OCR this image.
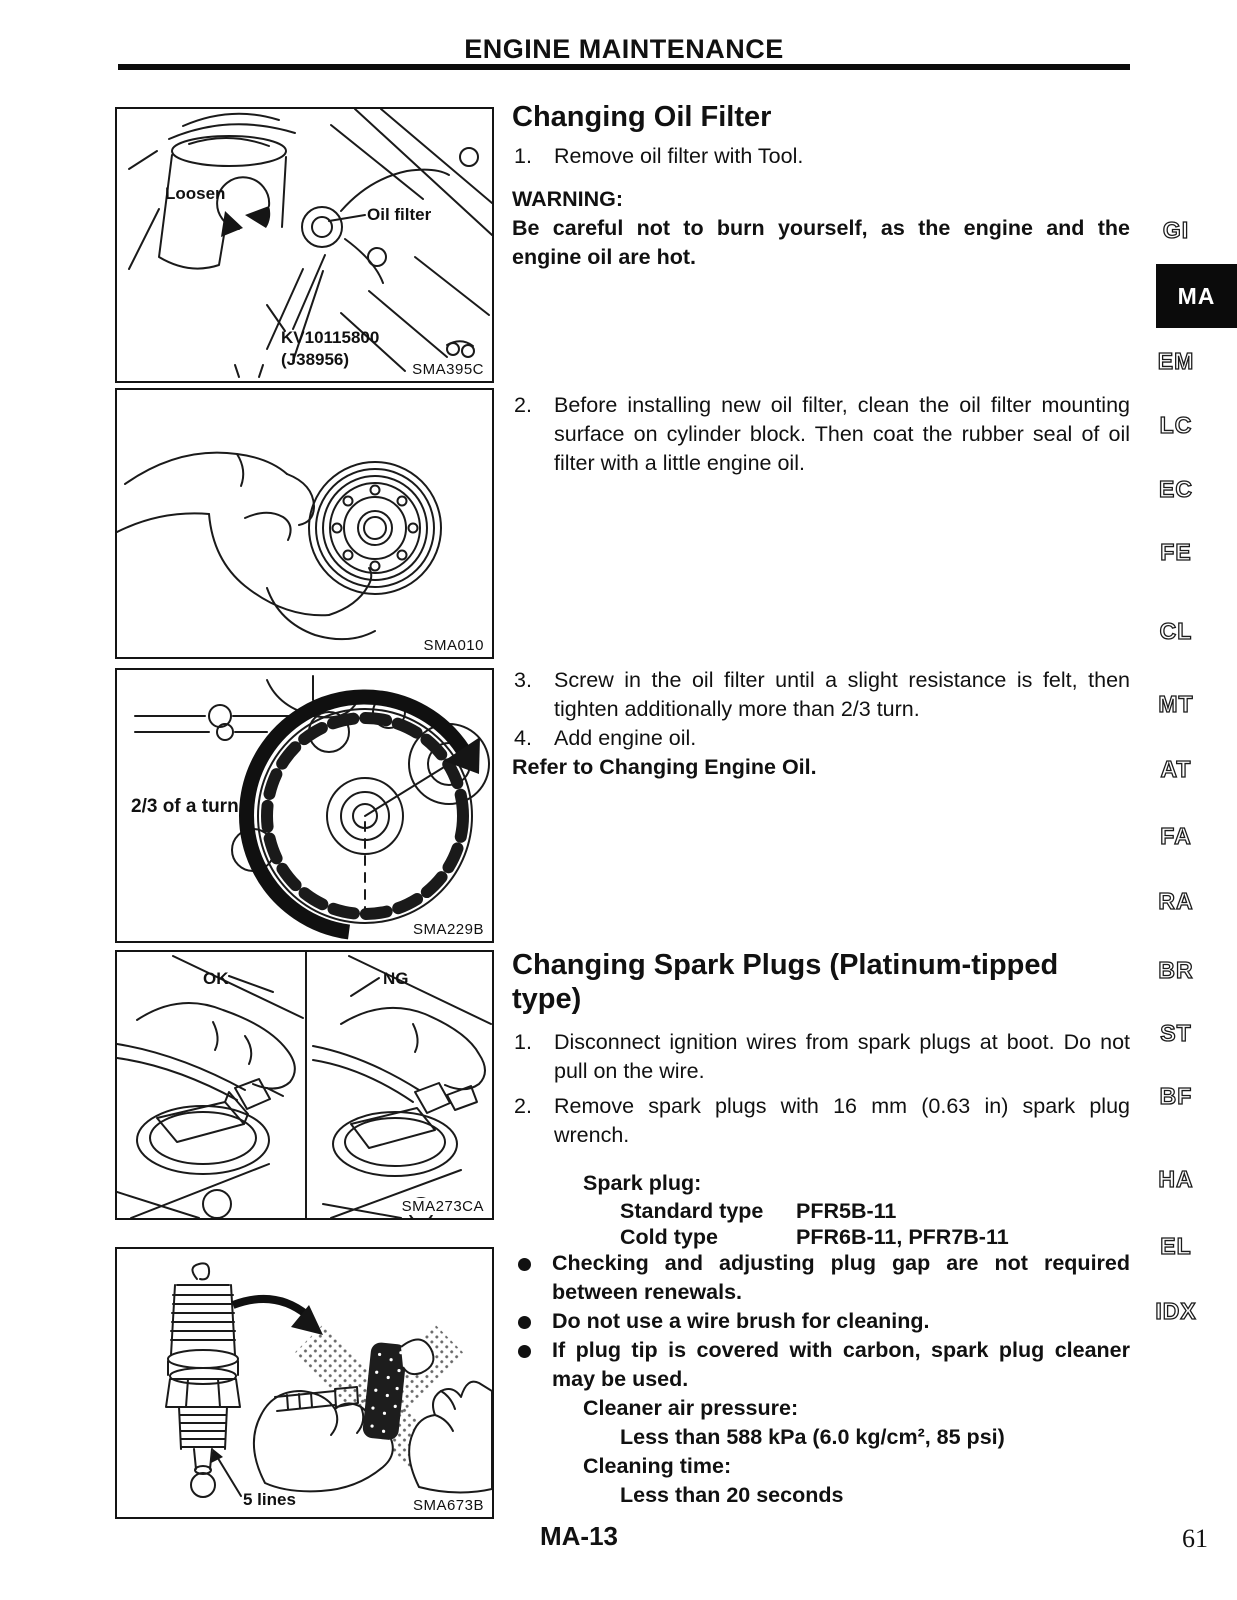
ENGINE MAINTENANCE
Loosen
Oil filter
KV10115800
(J38956)
SMA395C
SMA010
2/3 of a turn
SMA229B
OK	NG
SMA273CA
5 lines	SMA673B
Changing Oil Filter

1. Remove oil filter with Tool.

WARNING:
Be careful not to burn yourself, as the engine and the engine oil are hot.

2. Before installing new oil filter, clean the oil filter mounting surface on cylinder block. Then coat the rubber seal of oil filter with a little engine oil.

3. Screw in the oil filter until a slight resistance is felt, then tighten additionally more than 2/3 turn.

4. Add engine oil.

Refer to Changing Engine Oil.
Changing Spark Plugs (Platinum-tipped type)

1. Disconnect ignition wires from spark plugs at boot. Do not pull on the wire.

2. Remove spark plugs with 16 mm (0.63 in) spark plug wrench.

Spark plug:
Standard type	PFR5B-11
Cold type	PFR6B-11, PFR7B-11
Checking and adjusting plug gap are not required between renewals.
Do not use a wire brush for cleaning.
If plug tip is covered with carbon, spark plug cleaner may be used.
Cleaner air pressure:
Less than 588 kPa (6.0 kg/cm², 85 psi)
Cleaning time:
Less than 20 seconds
GI
MA
EM
LC
EC
FE
CL
MT
AT
FA
RA
BR
ST
BF
HA
EL
IDX
MA-13	61
